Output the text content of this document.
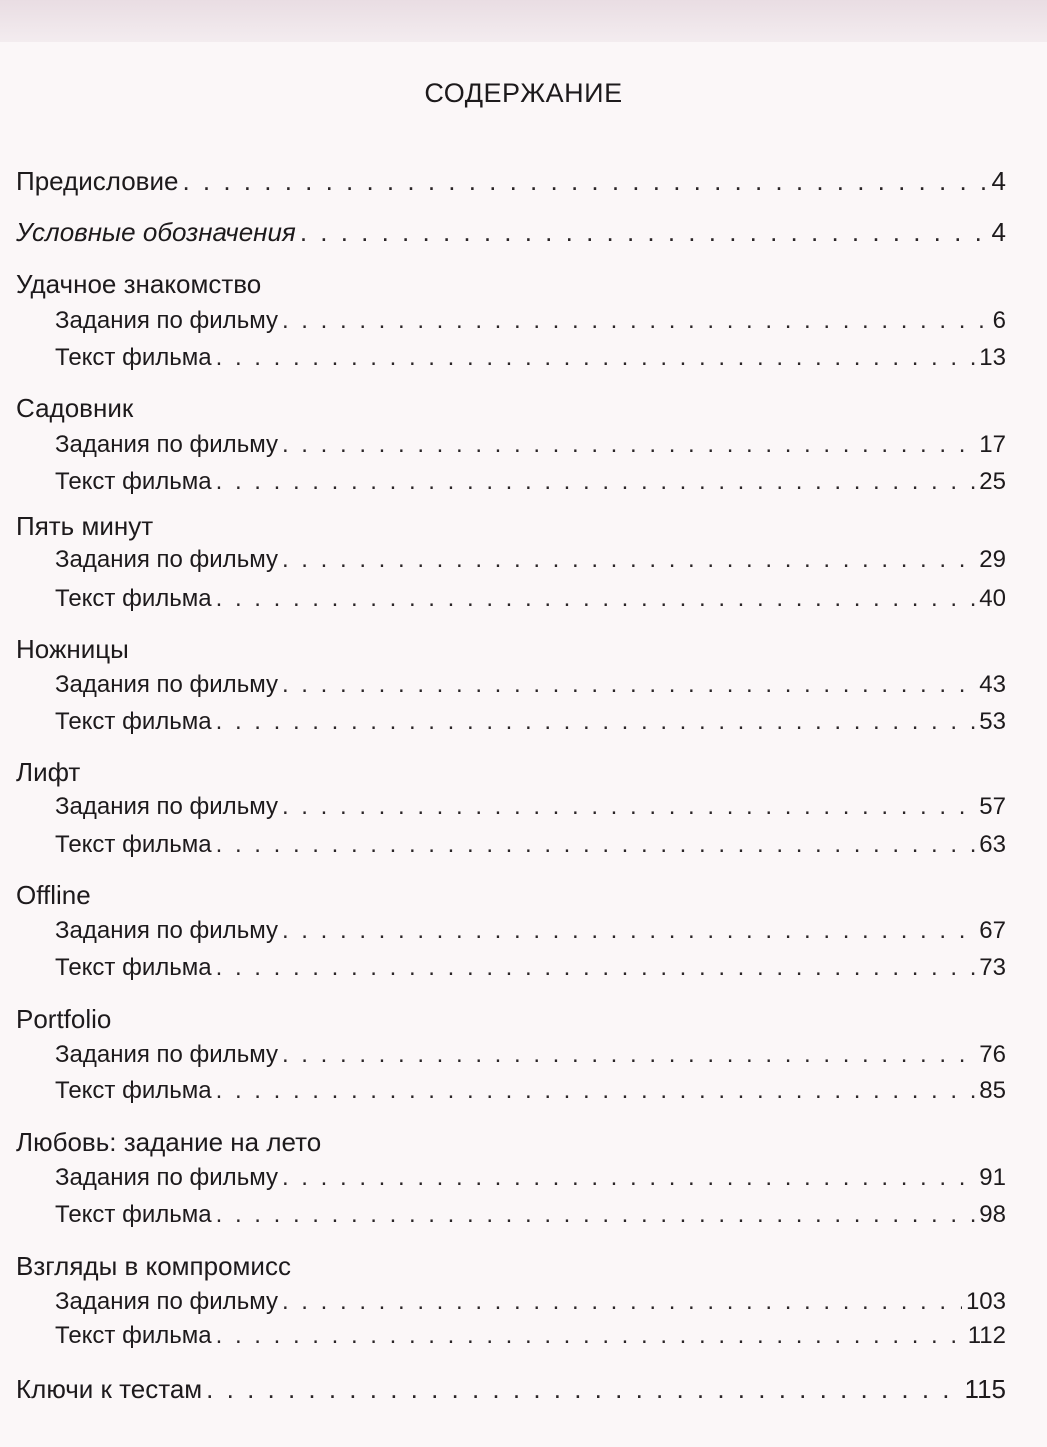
СОДЕРЖАНИЕ
Предисловие . . .	4
Условные обозначения . . .	4
Удачное знакомство
Задания по фильму . . .	6
Текст фильма . . .	13
Садовник
Задания по фильму . . .	17
Текст фильма . . .	25
Пять минут
Задания по фильму . . .	29
Текст фильма . . .	40
Ножницы
Задания по фильму . . .	43
Текст фильма . . .	53
Лифт
Задания по фильму . . .	57
Текст фильма . . .	63
Offline
Задания по фильму . . .	67
Текст фильма . . .	73
Portfolio
Задания по фильму . . .	76
Текст фильма . . .	85
Любовь: задание на лето
Задания по фильму . . .	91
Текст фильма . . .	98
Взгляды в компромисс
Задания по фильму . . .	103
Текст фильма . . .	112
Ключи к тестам . . .	115
